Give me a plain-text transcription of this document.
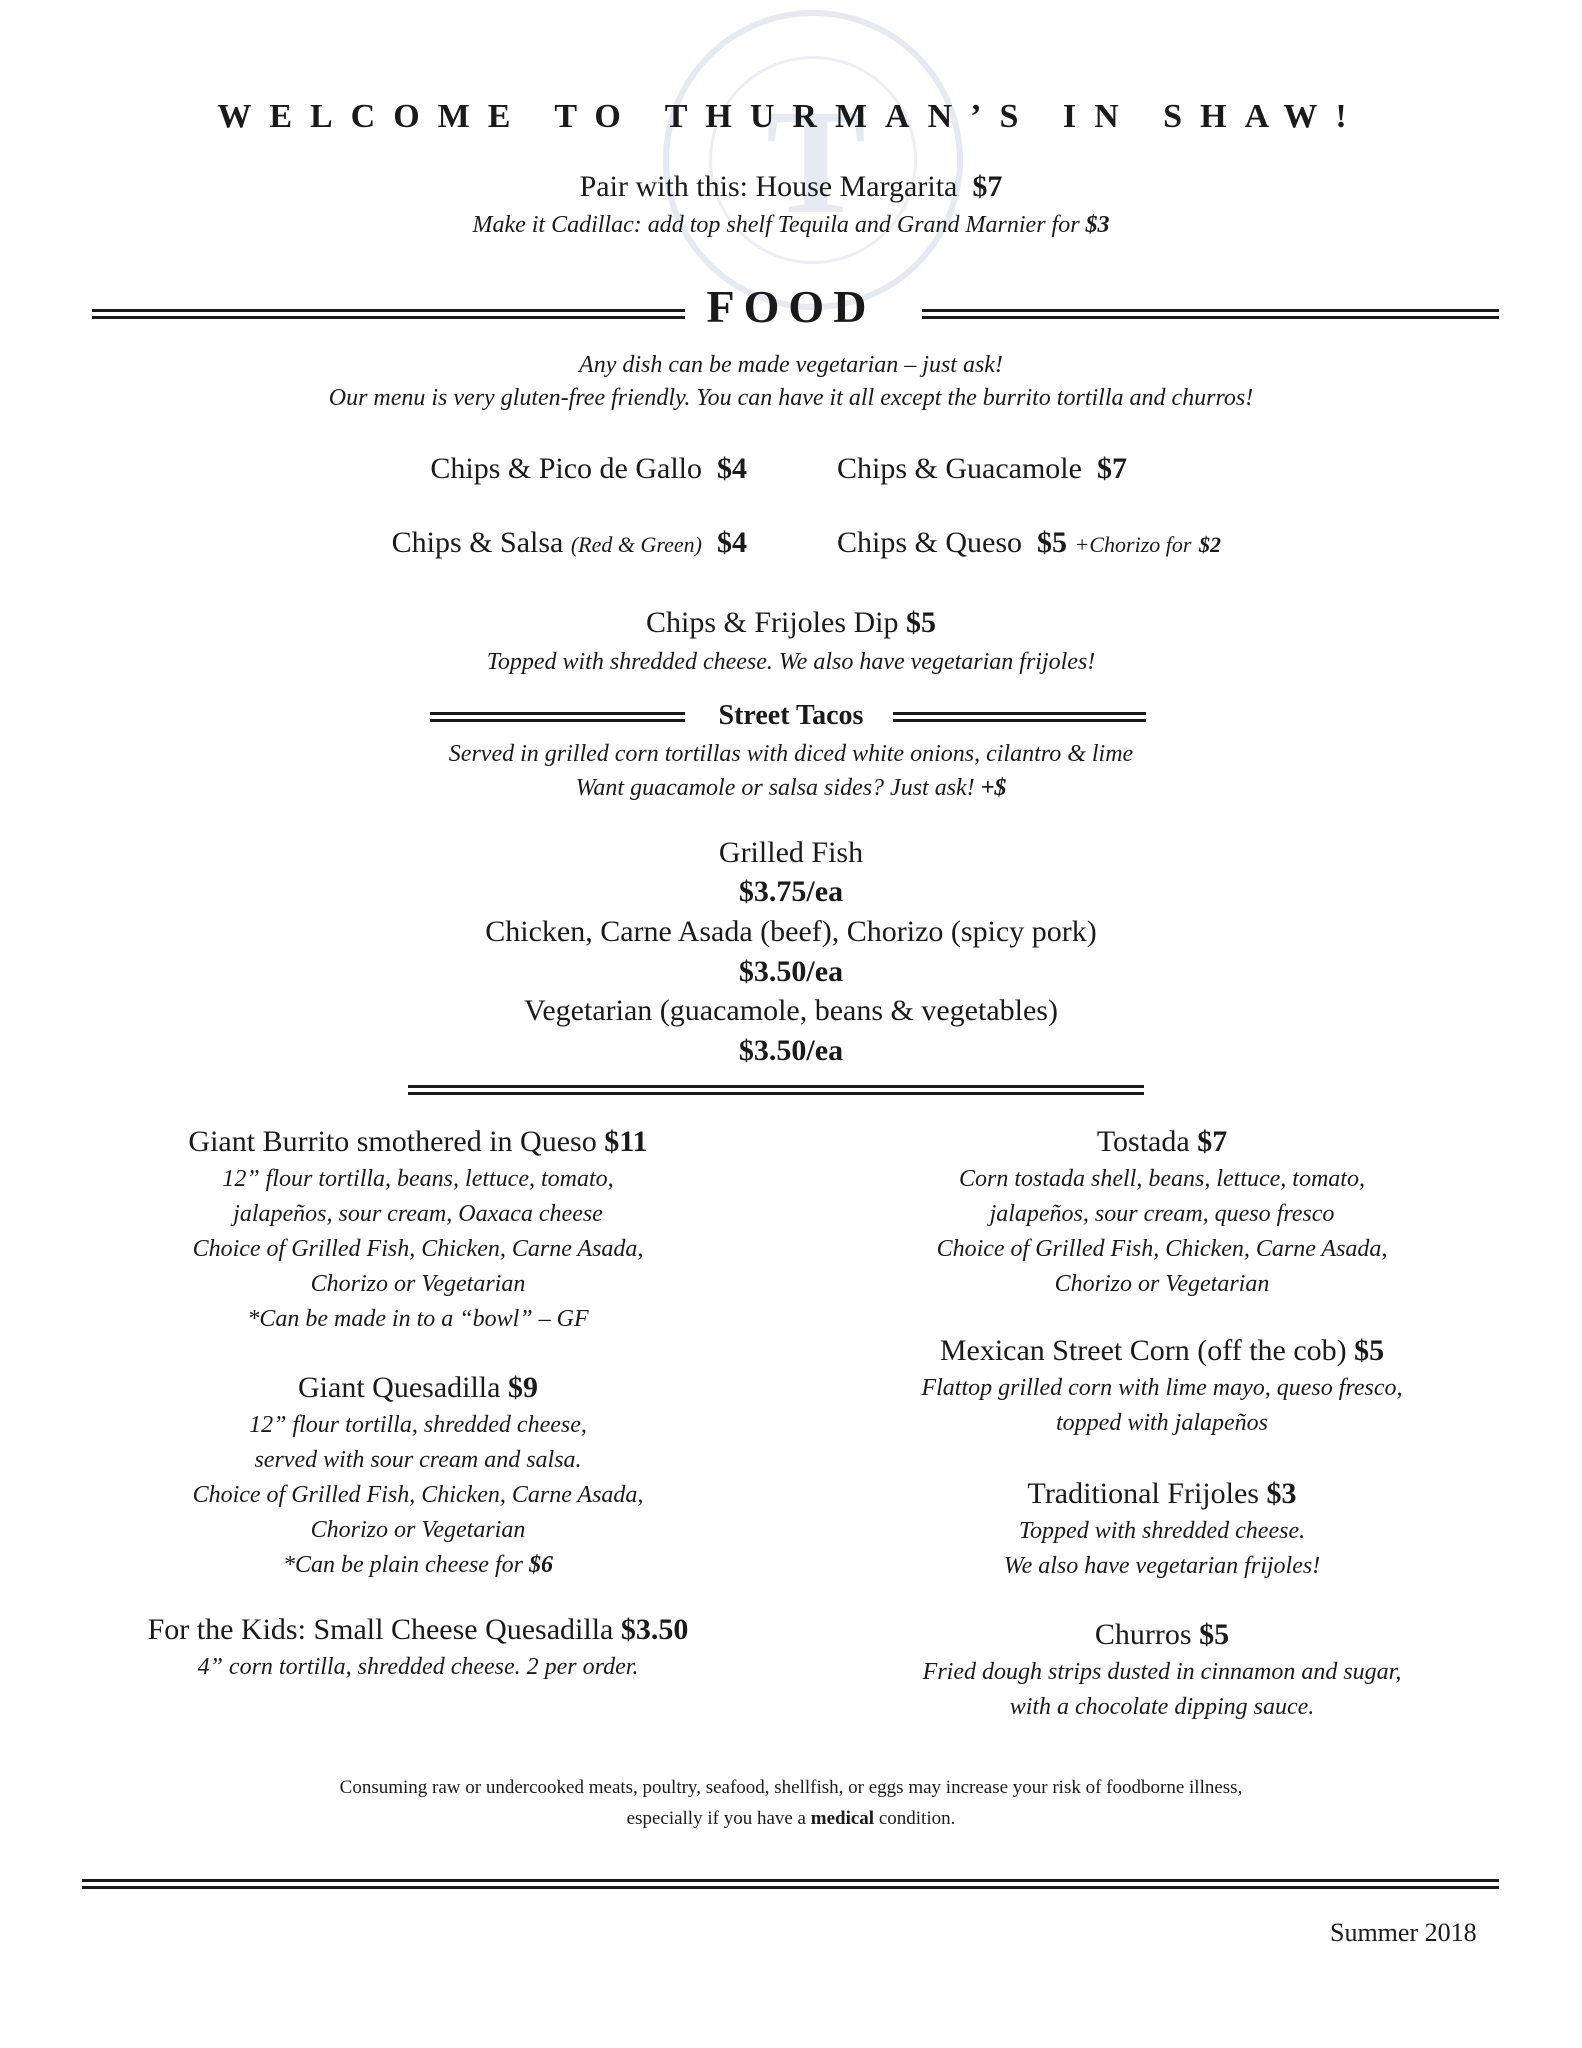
T
WELCOME TO THURMAN’S IN SHAW!
Pair with this: House Margarita $7
Make it Cadillac: add top shelf Tequila and Grand Marnier for $3
FOOD
Any dish can be made vegetarian – just ask!
Our menu is very gluten-free friendly. You can have it all except the burrito tortilla and churros!
Chips & Pico de Gallo $4	Chips & Guacamole $7
Chips & Salsa (Red & Green) $4	Chips & Queso $5 +Chorizo for $2
Chips & Frijoles Dip $5
Topped with shredded cheese. We also have vegetarian frijoles!
Street Tacos
Served in grilled corn tortillas with diced white onions, cilantro & lime
Want guacamole or salsa sides? Just ask! +$
Grilled Fish
$3.75/ea
Chicken, Carne Asada (beef), Chorizo (spicy pork)
$3.50/ea
Vegetarian (guacamole, beans & vegetables)
$3.50/ea
Giant Burrito smothered in Queso $11
12” flour tortilla, beans, lettuce, tomato,
jalapeños, sour cream, Oaxaca cheese
Choice of Grilled Fish, Chicken, Carne Asada,
Chorizo or Vegetarian
*Can be made in to a “bowl” – GF
Giant Quesadilla $9
12” flour tortilla, shredded cheese,
served with sour cream and salsa.
Choice of Grilled Fish, Chicken, Carne Asada,
Chorizo or Vegetarian
*Can be plain cheese for $6
For the Kids: Small Cheese Quesadilla $3.50
4” corn tortilla, shredded cheese. 2 per order.
Tostada $7
Corn tostada shell, beans, lettuce, tomato,
jalapeños, sour cream, queso fresco
Choice of Grilled Fish, Chicken, Carne Asada,
Chorizo or Vegetarian
Mexican Street Corn (off the cob) $5
Flattop grilled corn with lime mayo, queso fresco,
topped with jalapeños
Traditional Frijoles $3
Topped with shredded cheese.
We also have vegetarian frijoles!
Churros $5
Fried dough strips dusted in cinnamon and sugar,
with a chocolate dipping sauce.
Consuming raw or undercooked meats, poultry, seafood, shellfish, or eggs may increase your risk of foodborne illness,
especially if you have a medical condition.
Summer 2018
